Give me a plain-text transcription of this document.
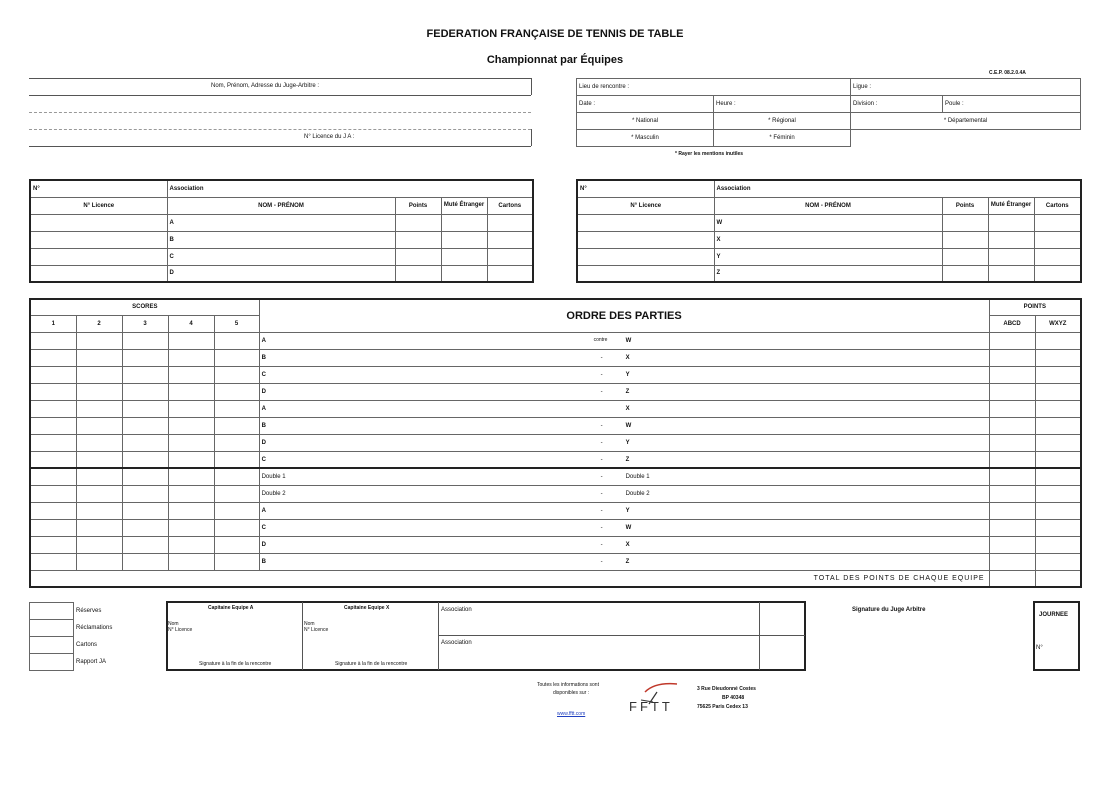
FEDERATION FRANÇAISE DE TENNIS DE TABLE
Championnat par Équipes
C.E.P. 08.2.0.4A
Nom, Prénom, Adresse du Juge-Arbitre :
N° Licence du J A :
Lieu de rencontre :		Ligue :	
Date :	Heure :	Division :	Poule :
* National	* Régional	* Départemental	
* Masculin	* Féminin		
* Rayer les mentions inutiles
N°	Association			
N° Licence	NOM - PRÉNOM	Points	Muté Étranger	Cartons
	A			
	B			
	C			
	D			
N°	Association			
N° Licence	NOM - PRÉNOM	Points	Muté Étranger	Cartons
	W			
	X			
	Y			
	Z			
SCORES					ORDRE DES PARTIES	POINTS	
1	2	3	4	5		ABCD	WXYZ

					A contre W		

					B - X		

					C - Y		

					D - Z		

					A X		

					B - W		

					D - Y		

					C - Z		

					Double 1 - Double 1		

					Double 2 - Double 2		

					A - Y		

					C - W		

					D - X		

					B - Z		

TOTAL DES POINTS DE CHAQUE EQUIPE							
	Réserves
	Réclamations
	Cartons
	Rapport JA
Capitaine Equipe A
Nom
N° Licence
Signature à la fin de la rencontre
Capitaine Equipe X
Nom
N° Licence
Signature à la fin de la rencontre
Association
Association
Signature du Juge Arbitre
JOURNEE
N°
Toutes les informations sont
disponibles sur :
www.fftt.com	FFTT
3 Rue Dieudonné Costes
BP 40348
75625 Paris Cedex 13
